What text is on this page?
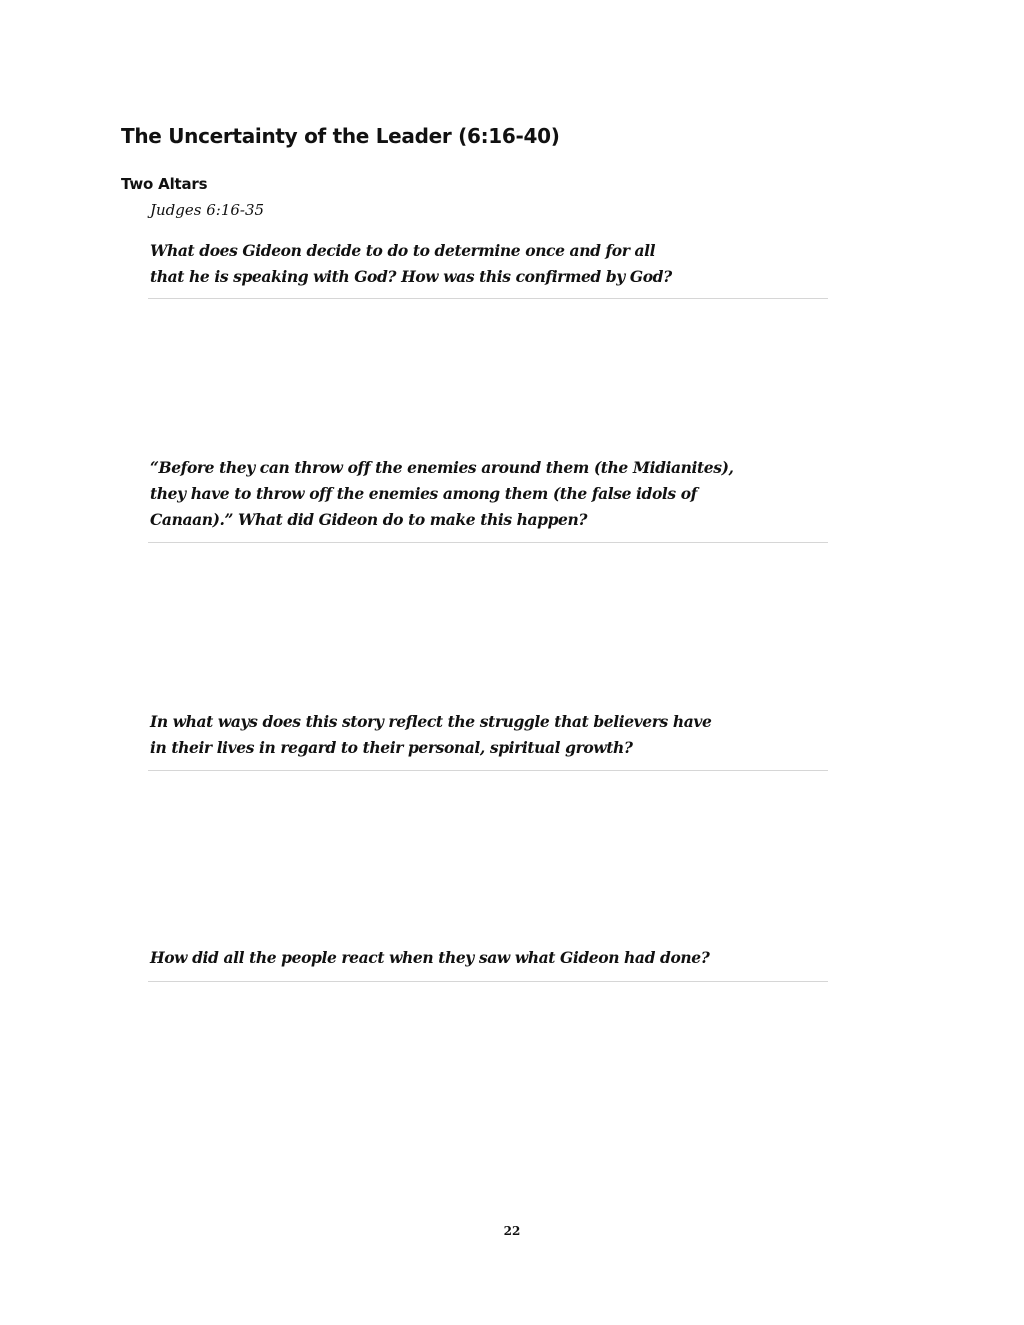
The Uncertainty of the Leader (6:16-40)
Two Altars

Judges 6:16-35

What does Gideon decide to do to determine once and for all
that he is speaking with God? How was this confirmed by God?
“Before they can throw off the enemies around them (the Midianites),
they have to throw off the enemies among them (the false idols of
Canaan).” What did Gideon do to make this happen?
In what ways does this story reflect the struggle that believers have
in their lives in regard to their personal, spiritual growth?
How did all the people react when they saw what Gideon had done?

22
